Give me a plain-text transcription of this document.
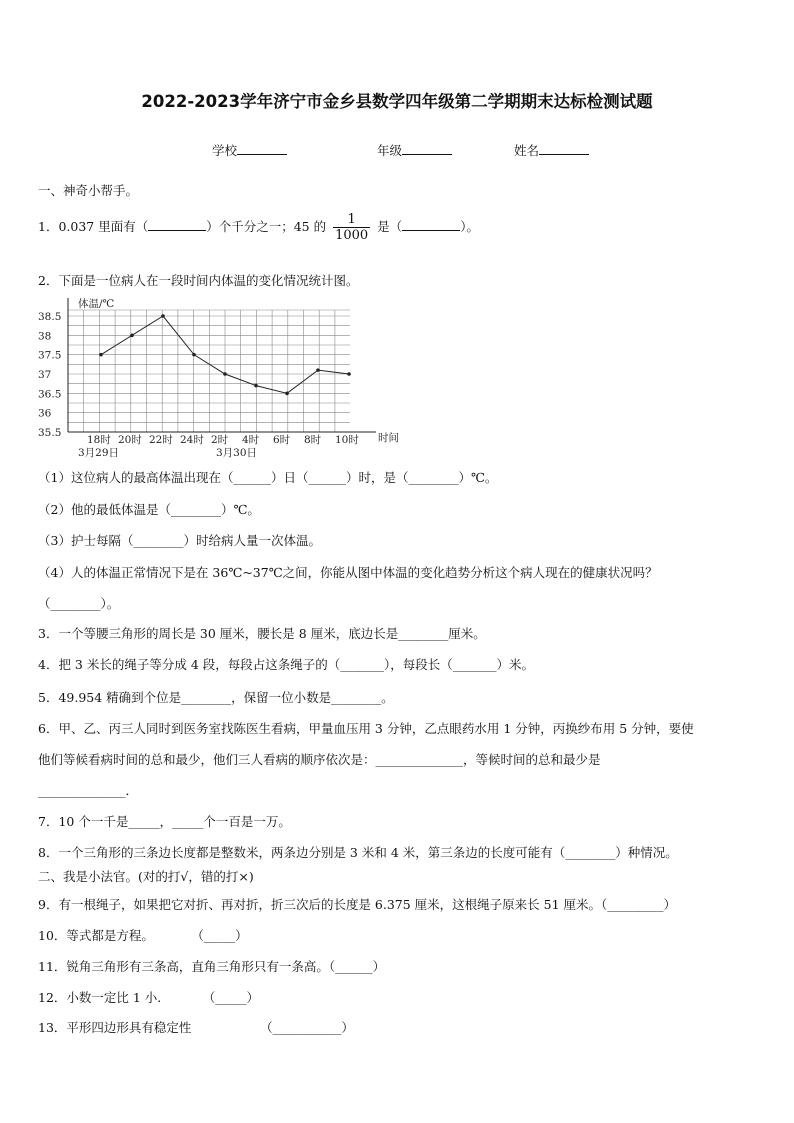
2022-2023学年济宁市金乡县数学四年级第二学期期末达标检测试题
学校	年级	姓名
一、神奇小帮手。
1．0.037 里面有（	）个千分之一；45 的 $\frac{1}{1000}$ 是（	）。
2．下面是一位病人在一段时间内体温的变化情况统计图。
体温/℃
时间
35.5
36
36.5
37
37.5
38
38.5
18时 20时 22时 24时 2时 4时 6时 8时 10时
3月29日	3月30日
（1）这位病人的最高体温出现在（______）日（______）时，是（________）℃。
（2）他的最低体温是（________）℃。
（3）护士每隔（________）时给病人量一次体温。
（4）人的体温正常情况下是在 36℃~37℃之间，你能从图中体温的变化趋势分析这个病人现在的健康状况吗？
（________）。
3．一个等腰三角形的周长是 30 厘米，腰长是 8 厘米，底边长是________厘米。
4．把 3 米长的绳子等分成 4 段，每段占这条绳子的（_______），每段长（_______）米。
5．49.954 精确到个位是________，保留一位小数是________。
6．甲、乙、丙三人同时到医务室找陈医生看病，甲量血压用 3 分钟，乙点眼药水用 1 分钟，丙换纱布用 5 分钟，要使
他们等候看病时间的总和最少，他们三人看病的顺序依次是：______________，等候时间的总和最少是
______________．
7．10 个一千是_____，_____个一百是一万。
8．一个三角形的三条边长度都是整数米，两条边分别是 3 米和 4 米，第三条边的长度可能有（________）种情况。
二、我是小法官。(对的打√，错的打×)
9．有一根绳子，如果把它对折、再对折，折三次后的长度是 6.375 厘米，这根绳子原来长 51 厘米。（_________）
10．等式都是方程。　　　　（_____）
11．锐角三角形有三条高，直角三角形只有一条高。（______）
12．小数一定比 1 小.　　　 （_____）
13．平形四边形具有稳定性　　　　　　（___________）
